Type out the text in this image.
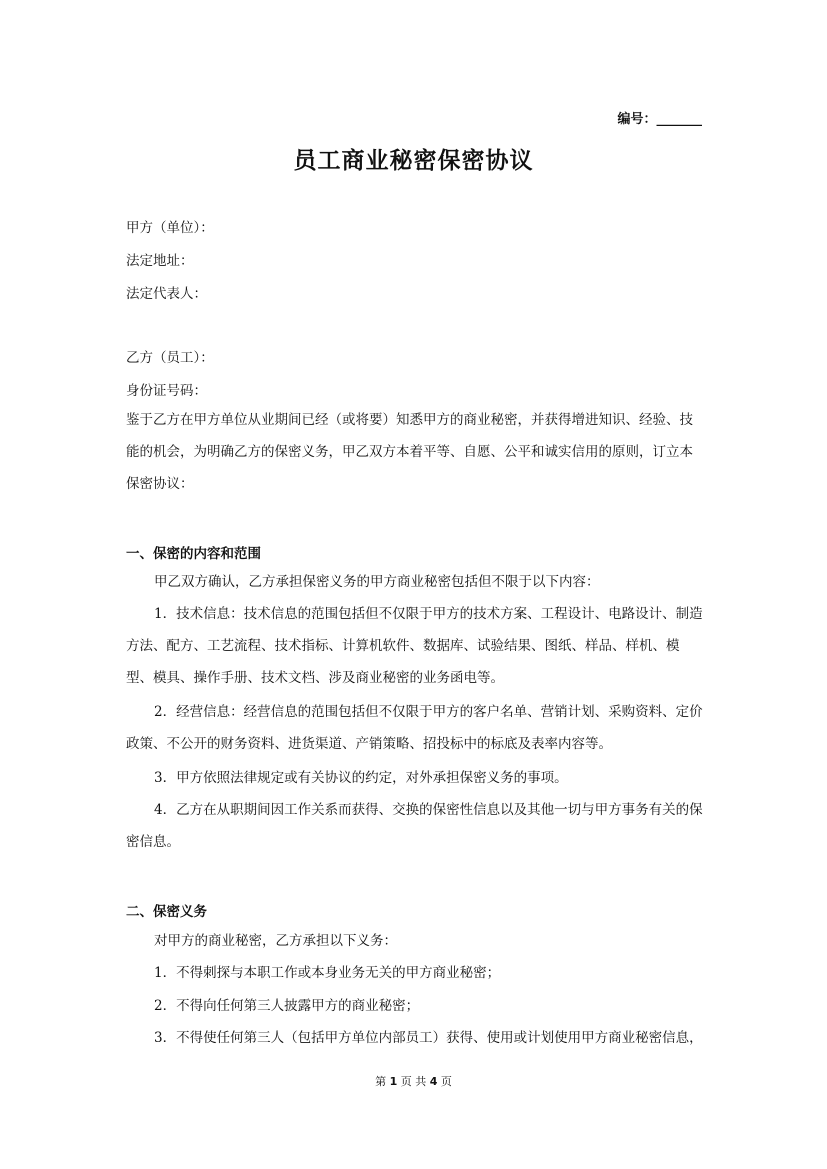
编号：_______
员工商业秘密保密协议
甲方（单位）：
法定地址：
法定代表人：
乙方（员工）：
身份证号码：
鉴于乙方在甲方单位从业期间已经（或将要）知悉甲方的商业秘密，并获得增进知识、经验、技能的机会，为明确乙方的保密义务，甲乙双方本着平等、自愿、公平和诚实信用的原则，订立本保密协议：
一、保密的内容和范围
甲乙双方确认，乙方承担保密义务的甲方商业秘密包括但不限于以下内容：
1．技术信息：技术信息的范围包括但不仅限于甲方的技术方案、工程设计、电路设计、制造方法、配方、工艺流程、技术指标、计算机软件、数据库、试验结果、图纸、样品、样机、模型、模具、操作手册、技术文档、涉及商业秘密的业务函电等。
2．经营信息：经营信息的范围包括但不仅限于甲方的客户名单、营销计划、采购资料、定价政策、不公开的财务资料、进货渠道、产销策略、招投标中的标底及表率内容等。
3．甲方依照法律规定或有关协议的约定，对外承担保密义务的事项。
4．乙方在从职期间因工作关系而获得、交换的保密性信息以及其他一切与甲方事务有关的保密信息。
二、保密义务
对甲方的商业秘密，乙方承担以下义务：
1．不得刺探与本职工作或本身业务无关的甲方商业秘密；
2．不得向任何第三人披露甲方的商业秘密；
3．不得使任何第三人（包括甲方单位内部员工）获得、使用或计划使用甲方商业秘密信息，
第 1 页 共 4 页
